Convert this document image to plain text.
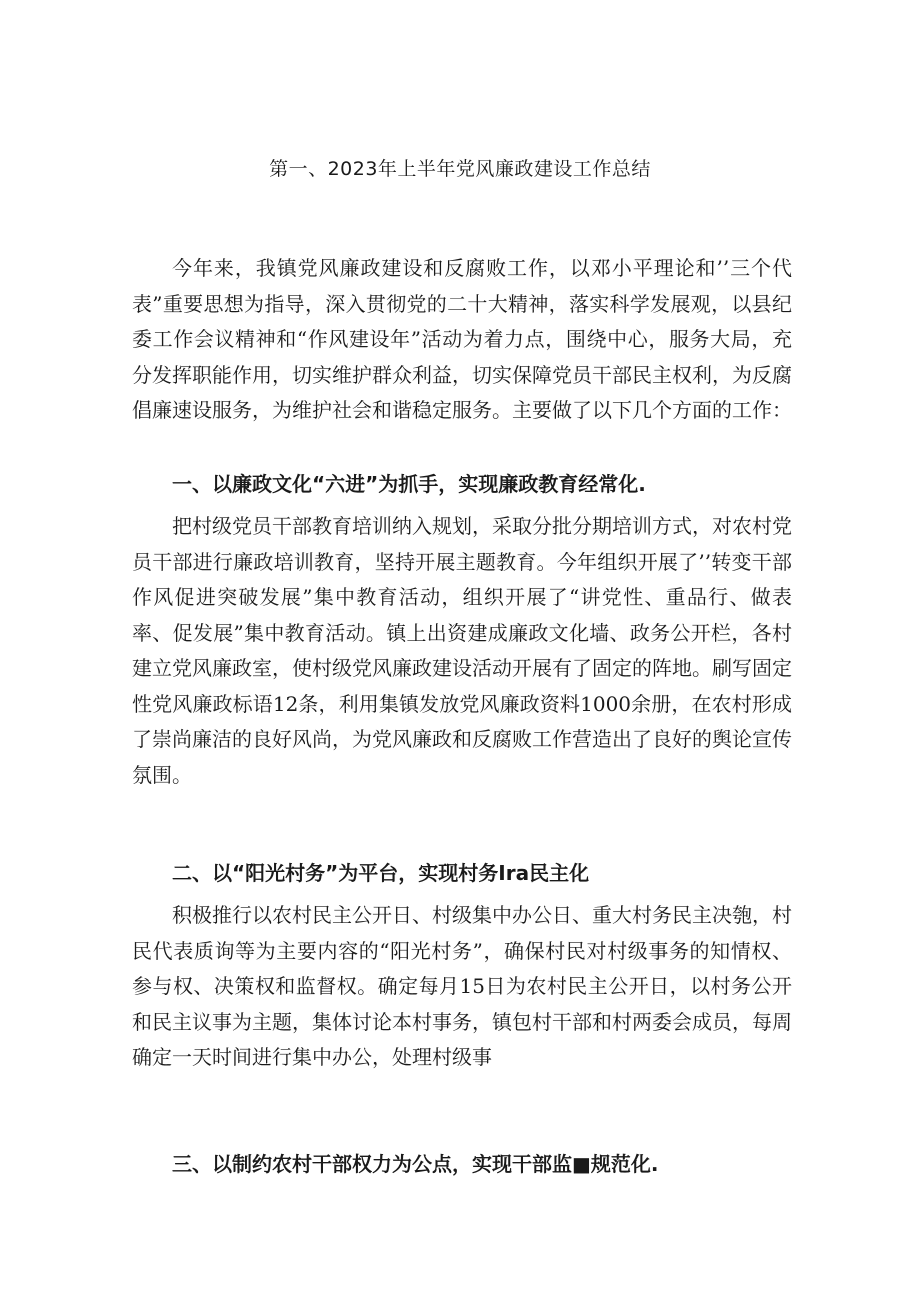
第一、2023年上半年党风廉政建设工作总结

今年来，我镇党风廉政建设和反腐败工作，以邓小平理论和’’三个代表”重要思想为指导，深入贯彻党的二十大精神，落实科学发展观，以县纪委工作会议精神和“作风建设年”活动为着力点，围绕中心，服务大局，充分发挥职能作用，切实维护群众利益，切实保障党员干部民主权利，为反腐倡廉速设服务，为维护社会和谐稳定服务。主要做了以下几个方面的工作：

一、以廉政文化“六进”为抓手，实现廉政教育经常化.

把村级党员干部教育培训纳入规划，采取分批分期培训方式，对农村党员干部进行廉政培训教育，坚持开展主题教育。今年组织开展了’’转变干部作风促进突破发展”集中教育活动，组织开展了“讲党性、重品行、做表率、促发展”集中教育活动。镇上出资建成廉政文化墙、政务公开栏，各村建立党风廉政室，使村级党风廉政建设活动开展有了固定的阵地。刷写固定性党风廉政标语12条，利用集镇发放党风廉政资料1000余册，在农村形成了崇尚廉洁的良好风尚，为党风廉政和反腐败工作营造出了良好的舆论宣传氛围。

二、以“阳光村务”为平台，实现村务Ira民主化

积极推行以农村民主公开日、村级集中办公日、重大村务民主决匏，村民代表质询等为主要内容的“阳光村务”，确保村民对村级事务的知情权、参与权、决策权和监督权。确定每月15日为农村民主公开日，以村务公开和民主议事为主题，集体讨论本村事务，镇包村干部和村两委会成员，每周确定一天时间进行集中办公，处理村级事

三、以制约农村干部权力为公点，实现干部监■规范化.
